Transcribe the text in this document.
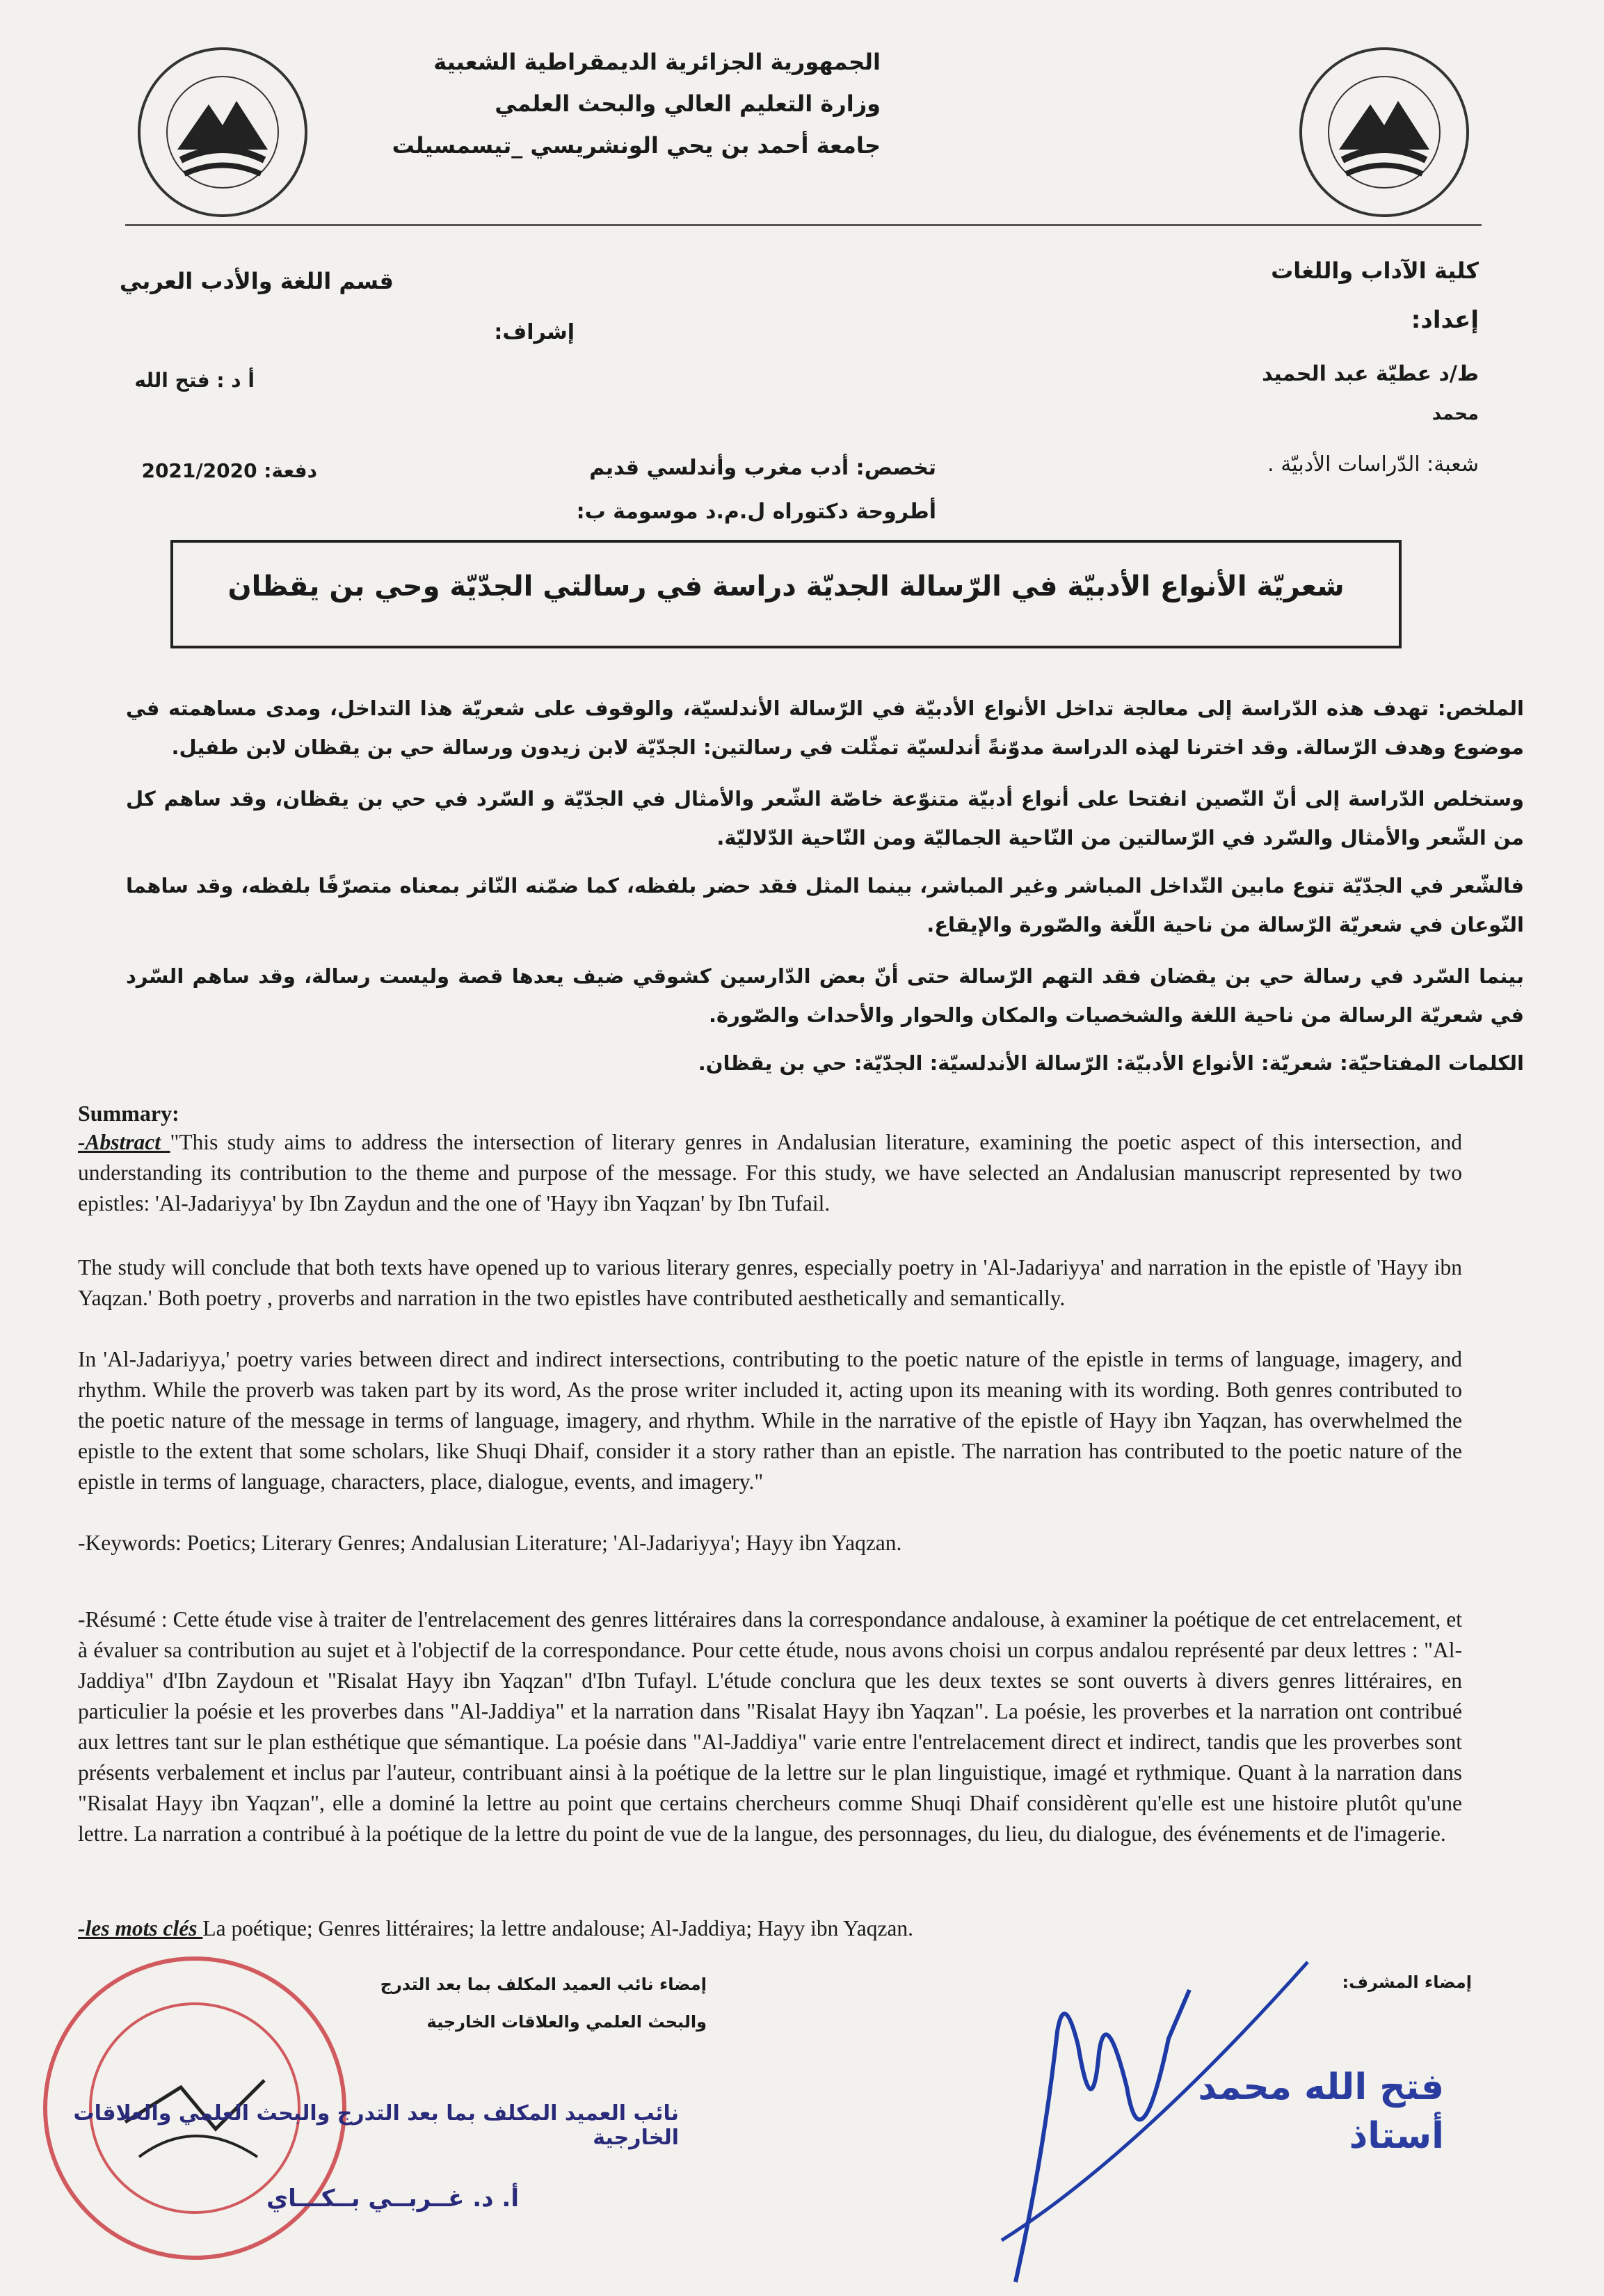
الجمهورية الجزائرية الديمقراطية الشعبية
وزارة التعليم العالي والبحث العلمي
جامعة أحمد بن يحي الونشريسي _تيسمسيلت
كلية الآداب واللغات
قسم اللغة والأدب العربي
إعداد:
إشراف:
ط/د عطيّة عبد الحميد
أ د : فتح الله
محمد
شعبة: الدّراسات الأدبيّة .
تخصص: أدب مغرب وأندلسي قديم
دفعة: 2021/2020
أطروحة دكتوراه ل.م.د موسومة ب:
شعريّة الأنواع الأدبيّة في الرّسالة الجديّة دراسة في رسالتي الجدّيّة وحي بن يقظان
الملخص: تهدف هذه الدّراسة إلى معالجة تداخل الأنواع الأدبيّة في الرّسالة الأندلسيّة، والوقوف على شعريّة هذا التداخل، ومدى مساهمته في موضوع وهدف الرّسالة. وقد اخترنا لهذه الدراسة مدوّنةً أندلسيّة تمثّلت في رسالتين: الجدّيّة لابن زيدون ورسالة حي بن يقظان لابن طفيل.
وستخلص الدّراسة إلى أنّ النّصين انفتحا على أنواع أدبيّة متنوّعة خاصّة الشّعر والأمثال في الجدّيّة و السّرد في حي بن يقظان، وقد ساهم كل من الشّعر والأمثال والسّرد في الرّسالتين من النّاحية الجماليّة ومن النّاحية الدّلاليّة.
فالشّعر في الجدّيّة تنوع مابين التّداخل المباشر وغير المباشر، بينما المثل فقد حضر بلفظه، كما ضمّنه النّاثر بمعناه متصرّفًا بلفظه، وقد ساهما النّوعان في شعريّة الرّسالة من ناحية اللّغة والصّورة والإيقاع.
بينما السّرد في رسالة حي بن يقضان فقد التهم الرّسالة حتى أنّ بعض الدّارسين كشوقي ضيف يعدها قصة وليست رسالة، وقد ساهم السّرد في شعريّة الرسالة من ناحية اللغة والشخصيات والمكان والحوار والأحداث والصّورة.
الكلمات المفتاحيّة: شعريّة: الأنواع الأدبيّة: الرّسالة الأندلسيّة: الجدّيّة: حي بن يقظان.
Summary:
-Abstract "This study aims to address the intersection of literary genres in Andalusian literature, examining the poetic aspect of this intersection, and understanding its contribution to the theme and purpose of the message. For this study, we have selected an Andalusian manuscript represented by two epistles: 'Al-Jadariyya' by Ibn Zaydun and the one of 'Hayy ibn Yaqzan' by Ibn Tufail.
The study will conclude that both texts have opened up to various literary genres, especially poetry in 'Al-Jadariyya' and narration in the epistle of 'Hayy ibn Yaqzan.' Both poetry , proverbs and narration in the two epistles have contributed aesthetically and semantically.
In 'Al-Jadariyya,' poetry varies between direct and indirect intersections, contributing to the poetic nature of the epistle in terms of language, imagery, and rhythm. While the proverb was taken part by its word, As the prose writer included it, acting upon its meaning with its wording. Both genres contributed to the poetic nature of the message in terms of language, imagery, and rhythm. While in the narrative of the epistle of Hayy ibn Yaqzan, has overwhelmed the epistle to the extent that some scholars, like Shuqi Dhaif, consider it a story rather than an epistle. The narration has contributed to the poetic nature of the epistle in terms of language, characters, place, dialogue, events, and imagery."
-Keywords: Poetics; Literary Genres; Andalusian Literature; 'Al-Jadariyya'; Hayy ibn Yaqzan.
-Résumé : Cette étude vise à traiter de l'entrelacement des genres littéraires dans la correspondance andalouse, à examiner la poétique de cet entrelacement, et à évaluer sa contribution au sujet et à l'objectif de la correspondance. Pour cette étude, nous avons choisi un corpus andalou représenté par deux lettres : "Al-Jaddiya" d'Ibn Zaydoun et "Risalat Hayy ibn Yaqzan" d'Ibn Tufayl. L'étude conclura que les deux textes se sont ouverts à divers genres littéraires, en particulier la poésie et les proverbes dans "Al-Jaddiya" et la narration dans "Risalat Hayy ibn Yaqzan". La poésie, les proverbes et la narration ont contribué aux lettres tant sur le plan esthétique que sémantique. La poésie dans "Al-Jaddiya" varie entre l'entrelacement direct et indirect, tandis que les proverbes sont présents verbalement et inclus par l'auteur, contribuant ainsi à la poétique de la lettre sur le plan linguistique, imagé et rythmique. Quant à la narration dans "Risalat Hayy ibn Yaqzan", elle a dominé la lettre au point que certains chercheurs comme Shuqi Dhaif considèrent qu'elle est une histoire plutôt qu'une lettre. La narration a contribué à la poétique de la lettre du point de vue de la langue, des personnages, du lieu, du dialogue, des événements et de l'imagerie.
-les mots clés La poétique; Genres littéraires; la lettre andalouse; Al-Jaddiya; Hayy ibn Yaqzan.
إمضاء نائب العميد المكلف بما بعد التدرج
والبحث العلمي والعلاقات الخارجية
إمضاء المشرف:
نائب العميد المكلف بما بعد التدرج والبحث العلمي والعلاقات الخارجية
أ. د. غــربــي بــكـــاي
فتح الله محمد
أستاذ
